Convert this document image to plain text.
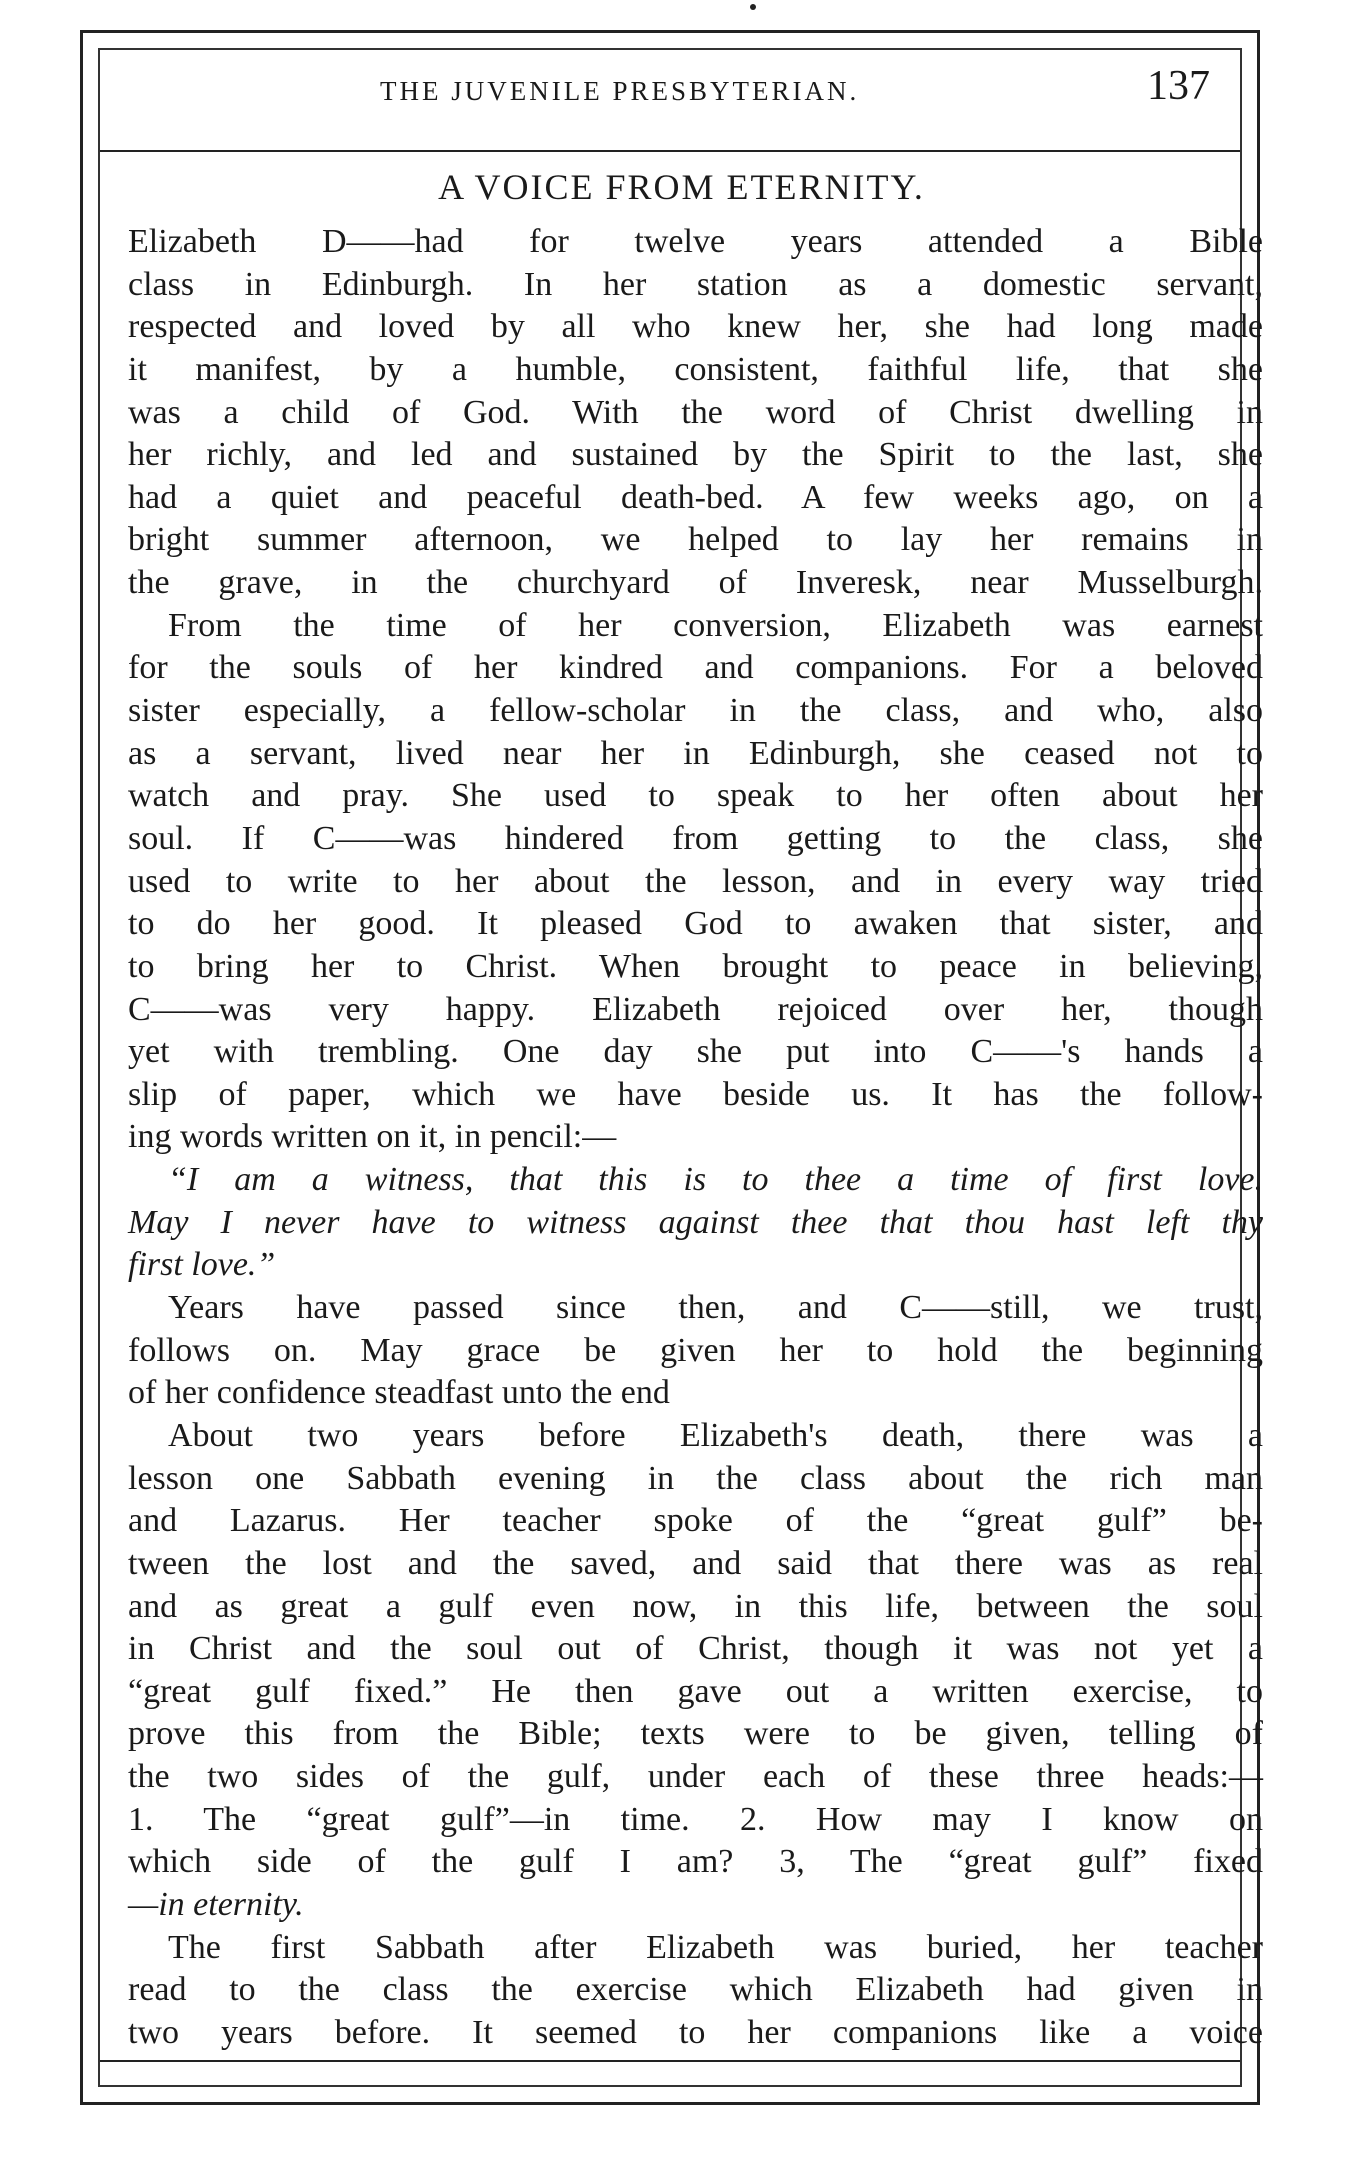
THE JUVENILE PRESBYTERIAN.	137
A VOICE FROM ETERNITY.
Elizabeth D——had for twelve years attended a Bible
class in Edinburgh. In her station as a domestic servant,
respected and loved by all who knew her, she had long made
it manifest, by a humble, consistent, faithful life, that she
was a child of God. With the word of Christ dwelling in
her richly, and led and sustained by the Spirit to the last, she
had a quiet and peaceful death-bed. A few weeks ago, on a
bright summer afternoon, we helped to lay her remains in
the grave, in the churchyard of Inveresk, near Musselburgh.
From the time of her conversion, Elizabeth was earnest
for the souls of her kindred and companions. For a beloved
sister especially, a fellow-scholar in the class, and who, also
as a servant, lived near her in Edinburgh, she ceased not to
watch and pray. She used to speak to her often about her
soul. If C——was hindered from getting to the class, she
used to write to her about the lesson, and in every way tried
to do her good. It pleased God to awaken that sister, and
to bring her to Christ. When brought to peace in believing,
C——was very happy. Elizabeth rejoiced over her, though
yet with trembling. One day she put into C——'s hands a
slip of paper, which we have beside us. It has the follow-
ing words written on it, in pencil:—
“I am a witness, that this is to thee a time of first love.
May I never have to witness against thee that thou hast left thy
first love.”
Years have passed since then, and C——still, we trust,
follows on. May grace be given her to hold the beginning
of her confidence steadfast unto the end
About two years before Elizabeth's death, there was a
lesson one Sabbath evening in the class about the rich man
and Lazarus. Her teacher spoke of the “great gulf” be-
tween the lost and the saved, and said that there was as real
and as great a gulf even now, in this life, between the soul
in Christ and the soul out of Christ, though it was not yet a
“great gulf fixed.” He then gave out a written exercise, to
prove this from the Bible; texts were to be given, telling of
the two sides of the gulf, under each of these three heads:—
1. The “great gulf”—in time. 2. How may I know on
which side of the gulf I am? 3, The “great gulf” fixed
—in eternity.
The first Sabbath after Elizabeth was buried, her teacher
read to the class the exercise which Elizabeth had given in
two years before. It seemed to her companions like a voice
